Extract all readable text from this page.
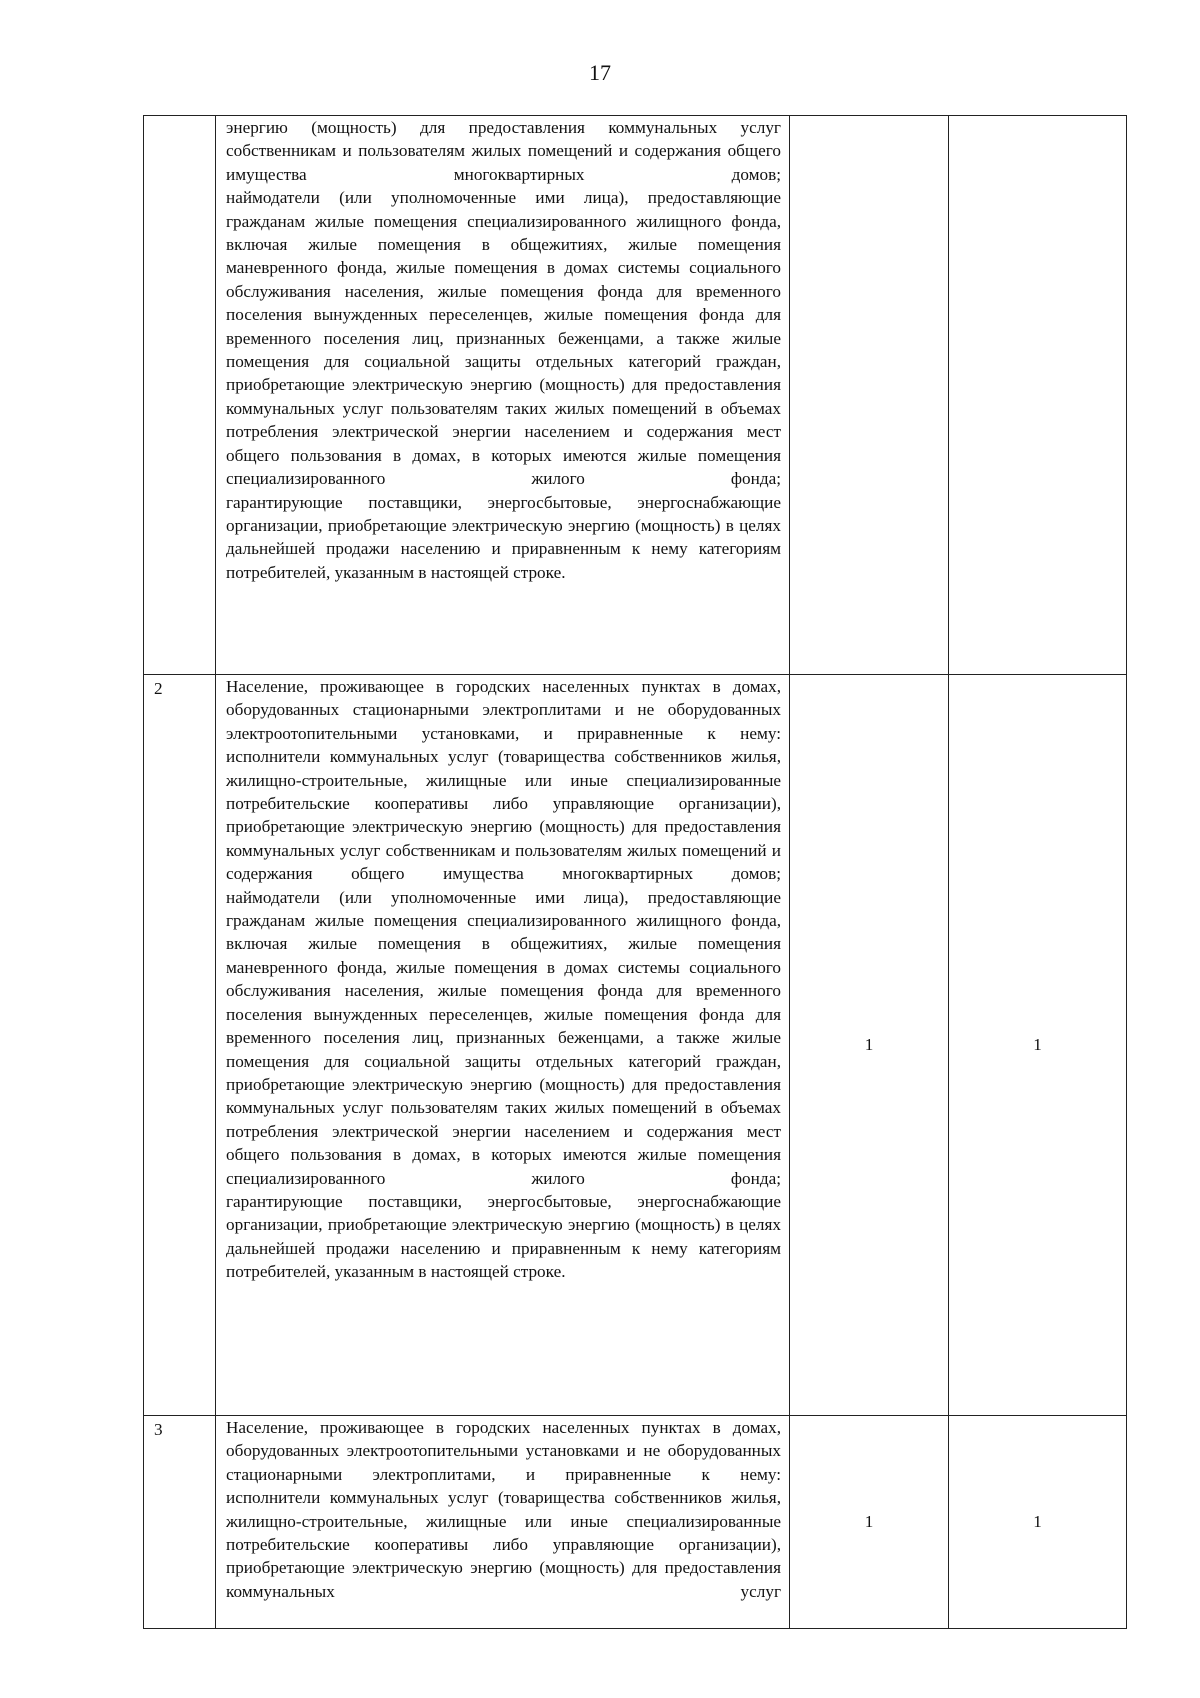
17

	энергию (мощность) для предоставления коммунальных услуг собственникам и пользователям жилых помещений и содержания общего имущества многоквартирных домов;
наймодатели (или уполномоченные ими лица), предоставляющие гражданам жилые помещения специализированного жилищного фонда, включая жилые помещения в общежитиях, жилые помещения маневренного фонда, жилые помещения в домах системы социального обслуживания населения, жилые помещения фонда для временного поселения вынужденных переселенцев, жилые помещения фонда для временного поселения лиц, признанных беженцами, а также жилые помещения для социальной защиты отдельных категорий граждан, приобретающие электрическую энергию (мощность) для предоставления коммунальных услуг пользователям таких жилых помещений в объемах потребления электрической энергии населением и содержания мест общего пользования в домах, в которых имеются жилые помещения специализированного жилого фонда;
гарантирующие поставщики, энергосбытовые, энергоснабжающие организации, приобретающие электрическую энергию (мощность) в целях дальнейшей продажи населению и приравненным к нему категориям потребителей, указанным в настоящей строке.		

2	Население, проживающее в городских населенных пунктах в домах, оборудованных стационарными электроплитами и не оборудованных электроотопительными установками, и приравненные к нему:
исполнители коммунальных услуг (товарищества собственников жилья, жилищно-строительные, жилищные или иные специализированные потребительские кооперативы либо управляющие организации), приобретающие электрическую энергию (мощность) для предоставления коммунальных услуг собственникам и пользователям жилых помещений и содержания общего имущества многоквартирных домов;
наймодатели (или уполномоченные ими лица), предоставляющие гражданам жилые помещения специализированного жилищного фонда, включая жилые помещения в общежитиях, жилые помещения маневренного фонда, жилые помещения в домах системы социального обслуживания населения, жилые помещения фонда для временного поселения вынужденных переселенцев, жилые помещения фонда для временного поселения лиц, признанных беженцами, а также жилые помещения для социальной защиты отдельных категорий граждан, приобретающие электрическую энергию (мощность) для предоставления коммунальных услуг пользователям таких жилых помещений в объемах потребления электрической энергии населением и содержания мест общего пользования в домах, в которых имеются жилые помещения специализированного жилого фонда;
гарантирующие поставщики, энергосбытовые, энергоснабжающие организации, приобретающие электрическую энергию (мощность) в целях дальнейшей продажи населению и приравненным к нему категориям потребителей, указанным в настоящей строке.	1	1
3	Население, проживающее в городских населенных пунктах в домах, оборудованных электроотопительными установками и не оборудованных стационарными электроплитами, и приравненные к нему:
исполнители коммунальных услуг (товарищества собственников жилья, жилищно-строительные, жилищные или иные специализированные потребительские кооперативы либо управляющие организации), приобретающие электрическую энергию (мощность) для предоставления коммунальных услуг	1	1
